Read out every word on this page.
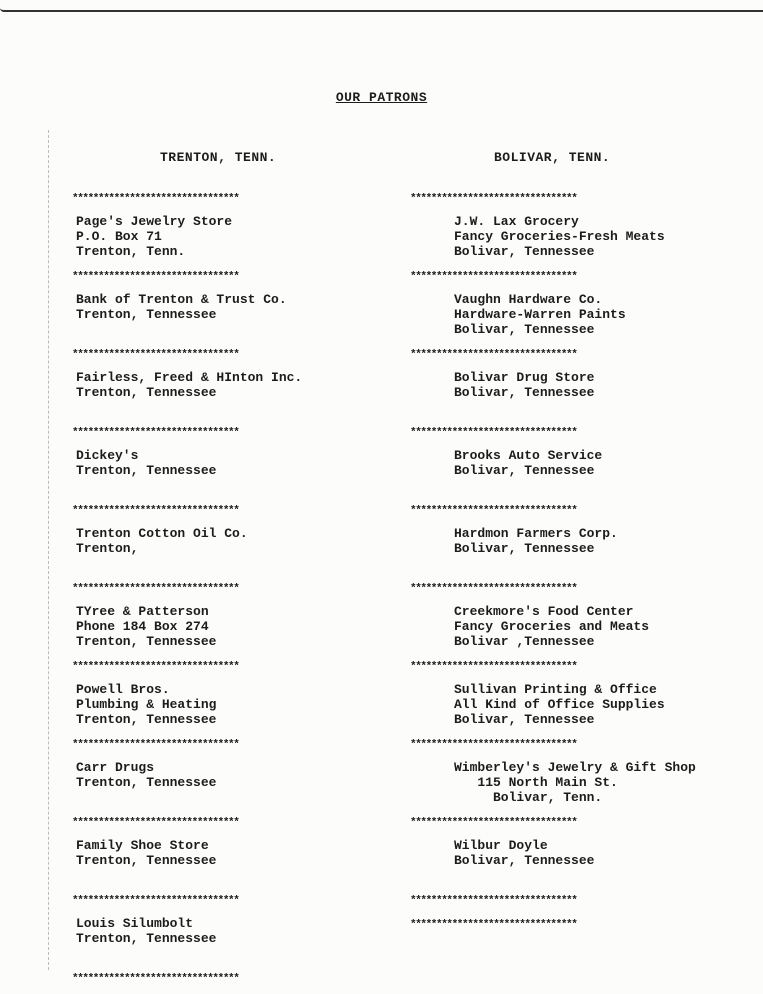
OUR PATRONS
TRENTON, TENN.
********************************
Page's Jewelry Store
P.O. Box 71
Trenton, Tenn.
********************************
Bank of Trenton & Trust Co.
Trenton, Tennessee
********************************
Fairless, Freed & HInton Inc.
Trenton, Tennessee
********************************
Dickey's
Trenton, Tennessee
********************************
Trenton Cotton Oil Co.
Trenton,
********************************
TYree & Patterson
Phone 184 Box 274
Trenton, Tennessee
********************************
Powell Bros.
Plumbing & Heating
Trenton, Tennessee
********************************
Carr Drugs
Trenton, Tennessee
********************************
Family Shoe Store
Trenton, Tennessee
********************************
Louis Silumbolt
Trenton, Tennessee
********************************
BOLIVAR, TENN.
********************************
J.W. Lax Grocery
Fancy Groceries-Fresh Meats
Bolivar, Tennessee
********************************
Vaughn Hardware Co.
Hardware-Warren Paints
Bolivar, Tennessee
********************************
Bolivar Drug Store
Bolivar, Tennessee
********************************
Brooks Auto Service
Bolivar, Tennessee
********************************
Hardmon Farmers Corp.
Bolivar, Tennessee
********************************
Creekmore's Food Center
Fancy Groceries and Meats
Bolivar ,Tennessee
********************************
Sullivan Printing & Office
All Kind of Office Supplies
Bolivar, Tennessee
********************************
Wimberley's Jewelry & Gift Shop
115 North Main St.
Bolivar, Tenn.
********************************
Wilbur Doyle
Bolivar, Tennessee
********************************
********************************
